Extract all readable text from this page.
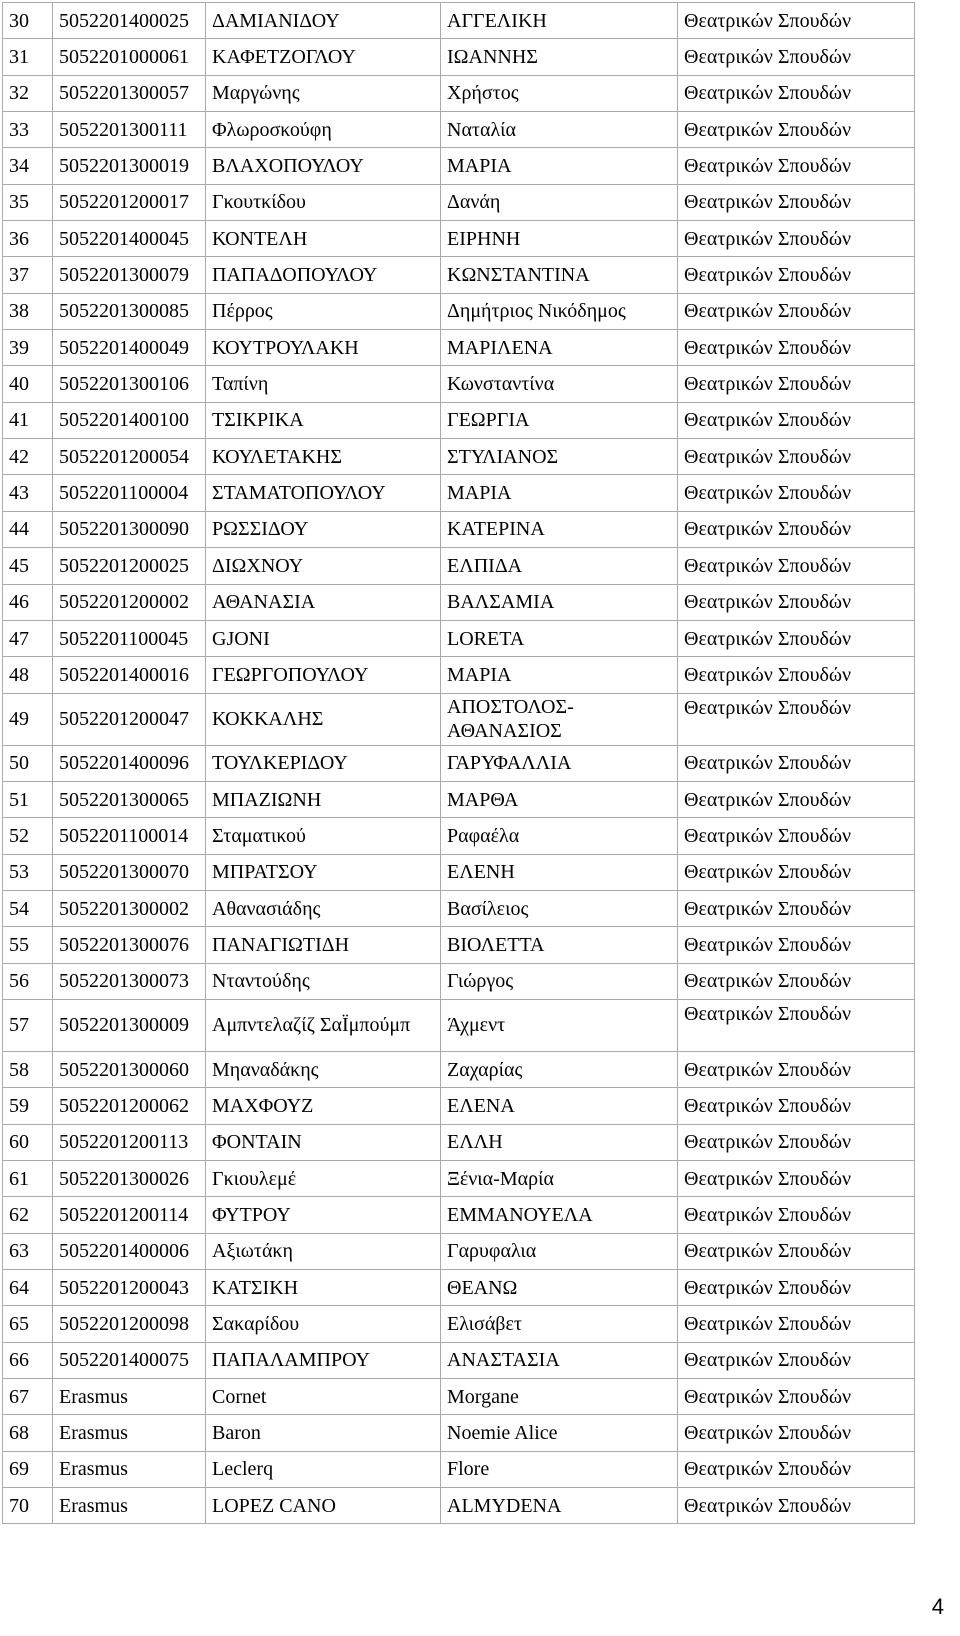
30	5052201400025	ΔΑΜΙΑΝΙΔΟΥ	ΑΓΓΕΛΙΚΗ	Θεατρικών Σπουδών
31	5052201000061	ΚΑΦΕΤΖΟΓΛΟΥ	ΙΩΑΝΝΗΣ	Θεατρικών Σπουδών
32	5052201300057	Μαργώνης	Χρήστος	Θεατρικών Σπουδών
33	5052201300111	Φλωροσκούφη	Ναταλία	Θεατρικών Σπουδών
34	5052201300019	ΒΛΑΧΟΠΟΥΛΟΥ	ΜΑΡΙΑ	Θεατρικών Σπουδών
35	5052201200017	Γκουτκίδου	Δανάη	Θεατρικών Σπουδών
36	5052201400045	ΚΟΝΤΕΛΗ	ΕΙΡΗΝΗ	Θεατρικών Σπουδών
37	5052201300079	ΠΑΠΑΔΟΠΟΥΛΟΥ	ΚΩΝΣΤΑΝΤΙΝΑ	Θεατρικών Σπουδών
38	5052201300085	Πέρρος	Δημήτριος Νικόδημος	Θεατρικών Σπουδών
39	5052201400049	ΚΟΥΤΡΟΥΛΑΚΗ	ΜΑΡΙΛΕΝΑ	Θεατρικών Σπουδών
40	5052201300106	Ταπίνη	Κωνσταντίνα	Θεατρικών Σπουδών
41	5052201400100	ΤΣΙΚΡΙΚΑ	ΓΕΩΡΓΙΑ	Θεατρικών Σπουδών
42	5052201200054	ΚΟΥΛΕΤΑΚΗΣ	ΣΤΥΛΙΑΝΟΣ	Θεατρικών Σπουδών
43	5052201100004	ΣΤΑΜΑΤΟΠΟΥΛΟΥ	ΜΑΡΙΑ	Θεατρικών Σπουδών
44	5052201300090	ΡΩΣΣΙΔΟΥ	ΚΑΤΕΡΙΝΑ	Θεατρικών Σπουδών
45	5052201200025	ΔΙΩΧΝΟΥ	ΕΛΠΙΔΑ	Θεατρικών Σπουδών
46	5052201200002	ΑΘΑΝΑΣΙΑ	ΒΑΛΣΑΜΙΑ	Θεατρικών Σπουδών
47	5052201100045	GJONI	LORETA	Θεατρικών Σπουδών
48	5052201400016	ΓΕΩΡΓΟΠΟΥΛΟΥ	ΜΑΡΙΑ	Θεατρικών Σπουδών
49	5052201200047	ΚΟΚΚΑΛΗΣ	ΑΠΟΣΤΟΛΟΣ-ΑΘΑΝΑΣΙΟΣ	Θεατρικών Σπουδών
50	5052201400096	ΤΟΥΛΚΕΡΙΔΟΥ	ΓΑΡΥΦΑΛΛΙΑ	Θεατρικών Σπουδών
51	5052201300065	ΜΠΑΖΙΩΝΗ	ΜΑΡΘΑ	Θεατρικών Σπουδών
52	5052201100014	Σταματικού	Ραφαέλα	Θεατρικών Σπουδών
53	5052201300070	ΜΠΡΑΤΣΟΥ	ΕΛΕΝΗ	Θεατρικών Σπουδών
54	5052201300002	Αθανασιάδης	Βασίλειος	Θεατρικών Σπουδών
55	5052201300076	ΠΑΝΑΓΙΩΤΙΔΗ	ΒΙΟΛΕΤΤΑ	Θεατρικών Σπουδών
56	5052201300073	Νταντούδης	Γιώργος	Θεατρικών Σπουδών
57	5052201300009	Αμπντελαζίζ ΣαΪμπούμπ	Άχμεντ	Θεατρικών Σπουδών
58	5052201300060	Μηαναδάκης	Ζαχαρίας	Θεατρικών Σπουδών
59	5052201200062	ΜΑΧΦΟΥΖ	ΕΛΕΝΑ	Θεατρικών Σπουδών
60	5052201200113	ΦΟΝΤΑΙΝ	ΕΛΛΗ	Θεατρικών Σπουδών
61	5052201300026	Γκιουλεμέ	Ξένια-Μαρία	Θεατρικών Σπουδών
62	5052201200114	ΦΥΤΡΟΥ	ΕΜΜΑΝΟΥΕΛΑ	Θεατρικών Σπουδών
63	5052201400006	Αξιωτάκη	Γαρυφαλια	Θεατρικών Σπουδών
64	5052201200043	ΚΑΤΣΙΚΗ	ΘΕΑΝΩ	Θεατρικών Σπουδών
65	5052201200098	Σακαρίδου	Ελισάβετ	Θεατρικών Σπουδών
66	5052201400075	ΠΑΠΑΛΑΜΠΡΟΥ	ΑΝΑΣΤΑΣΙΑ	Θεατρικών Σπουδών
67	Erasmus	Cornet	Morgane	Θεατρικών Σπουδών
68	Erasmus	Baron	Noemie Alice	Θεατρικών Σπουδών
69	Erasmus	Leclerq	Flore	Θεατρικών Σπουδών
70	Erasmus	LOPEZ CANO	ALMYDENA	Θεατρικών Σπουδών
4
